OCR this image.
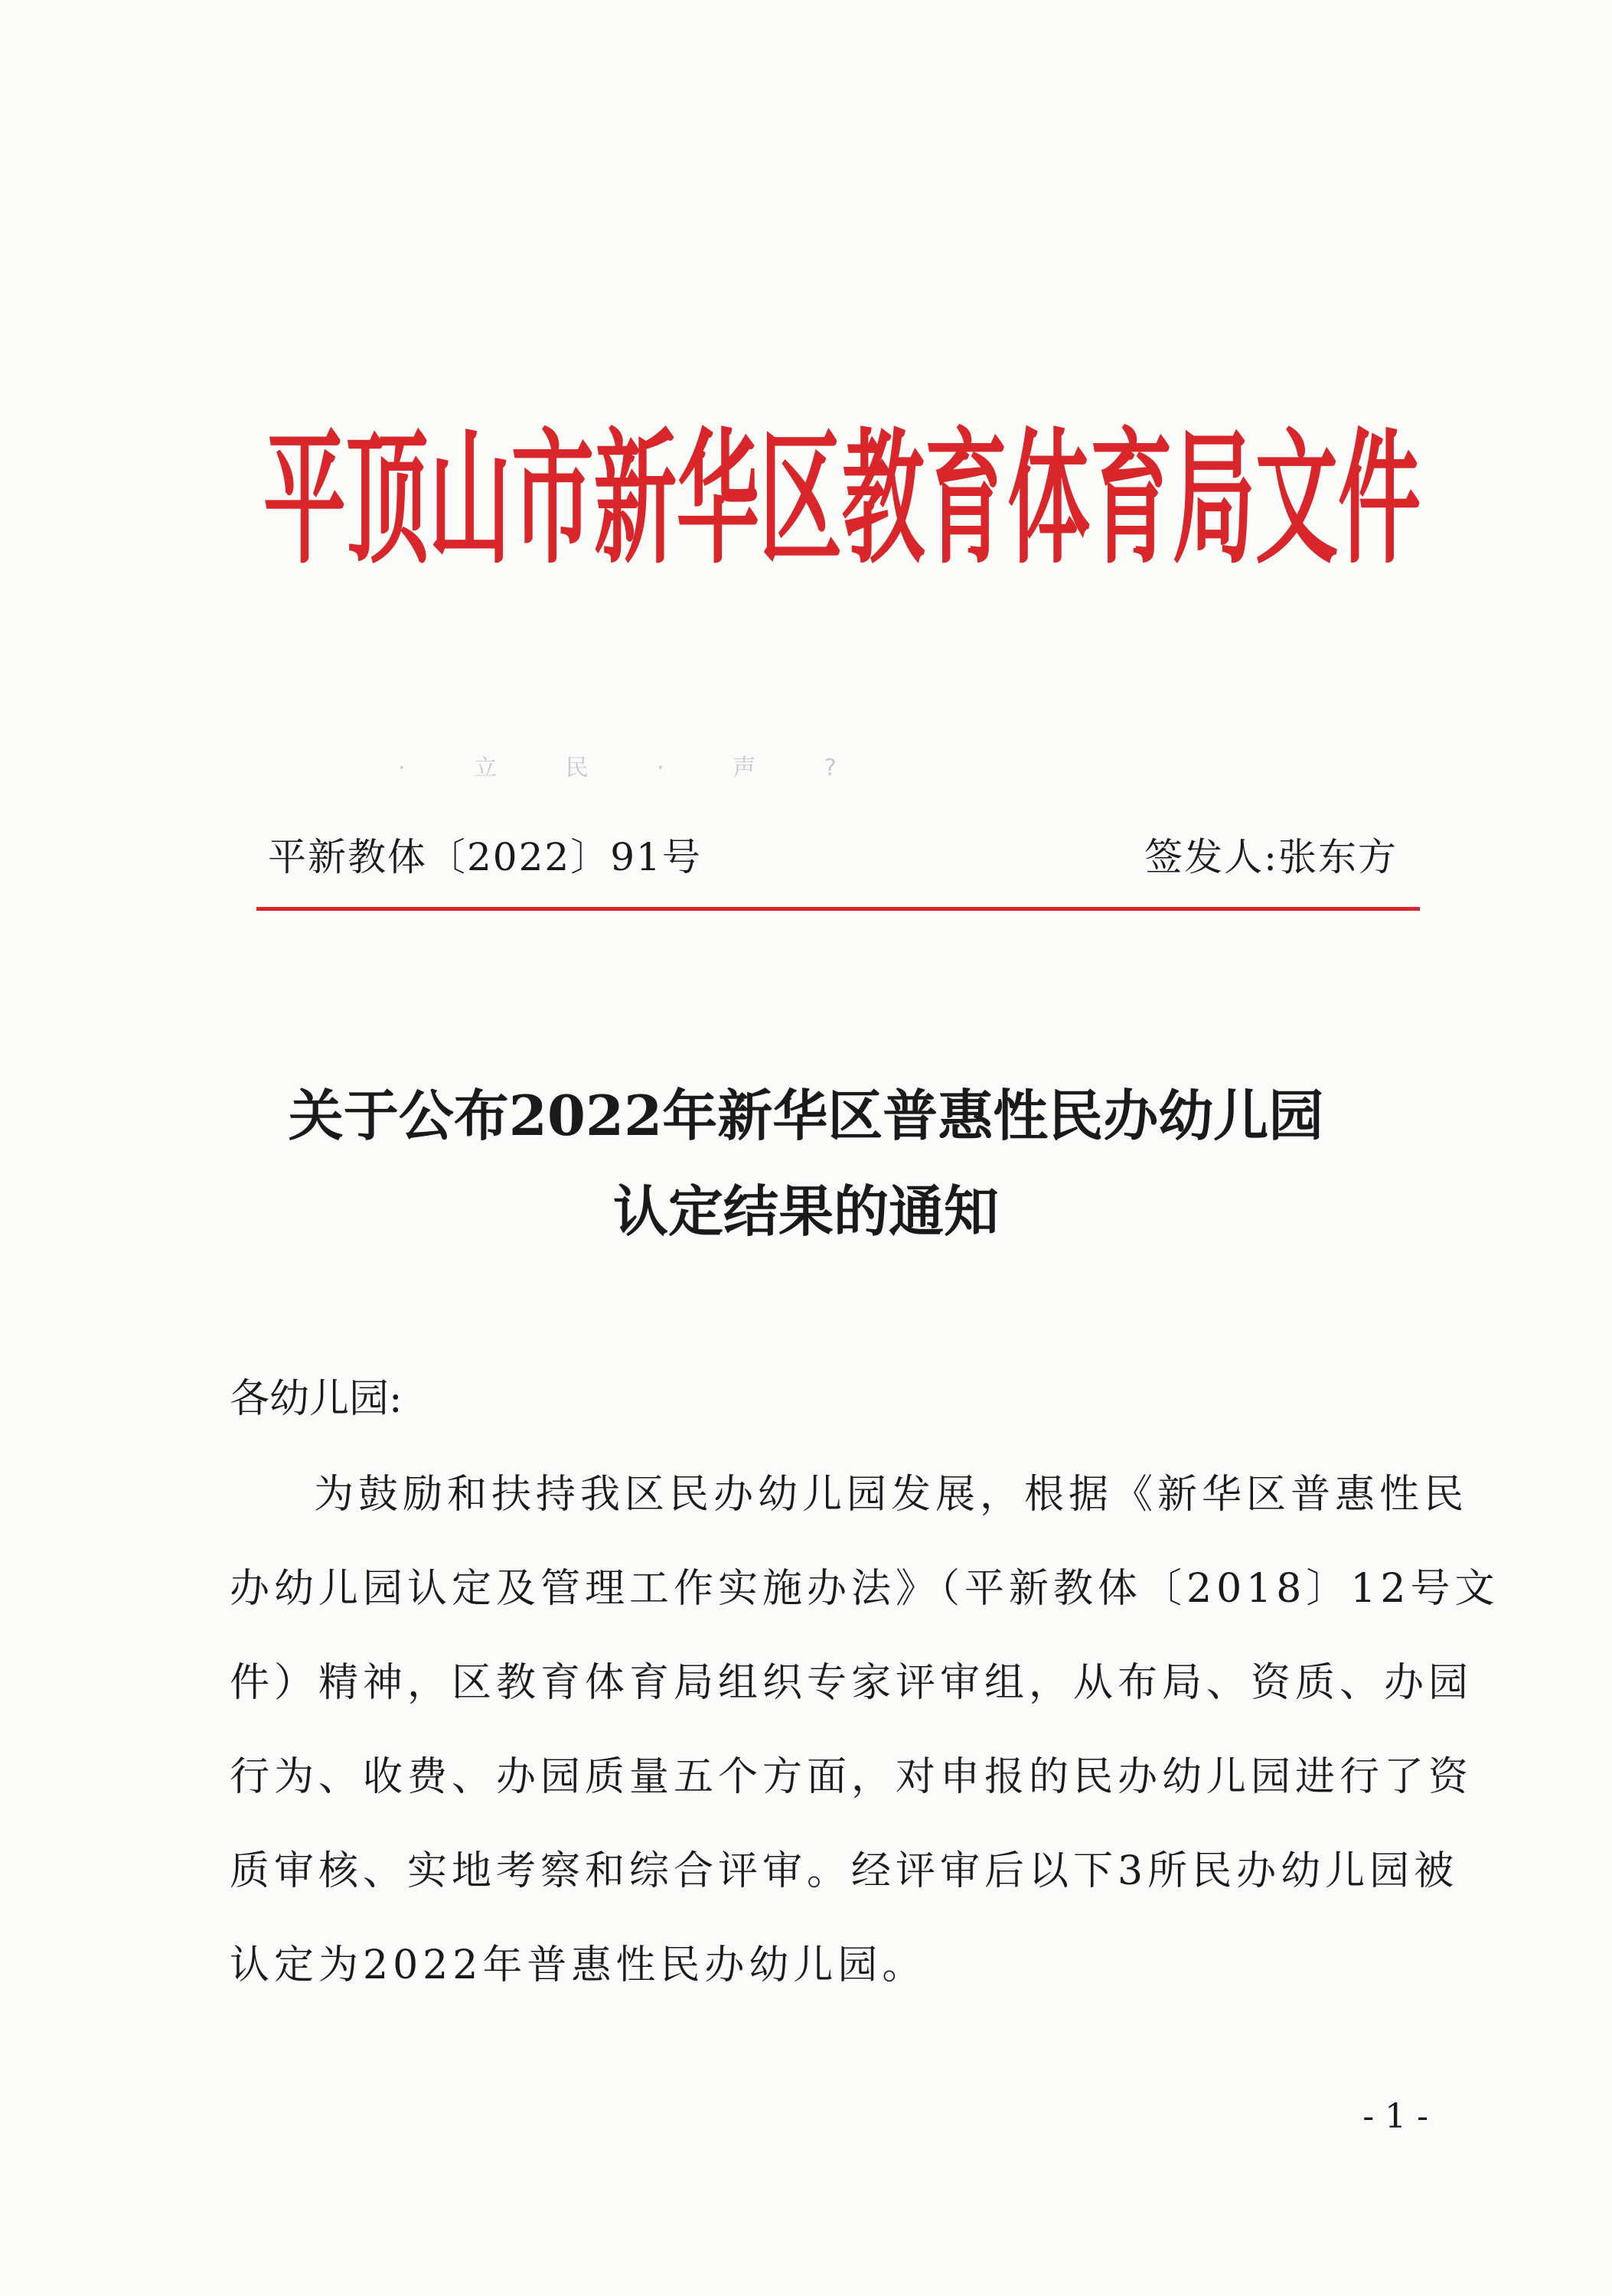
平顶山市新华区教育体育局文件
· 立 民 · 声 ?
平新教体〔2022〕91号	签发人:张东方
关于公布2022年新华区普惠性民办幼儿园
认定结果的通知
各幼儿园:
为鼓励和扶持我区民办幼儿园发展，根据《新华区普惠性民
办幼儿园认定及管理工作实施办法》（平新教体〔2018〕12号文
件）精神，区教育体育局组织专家评审组，从布局、资质、办园
行为、收费、办园质量五个方面，对申报的民办幼儿园进行了资
质审核、实地考察和综合评审。经评审后以下3所民办幼儿园被
认定为2022年普惠性民办幼儿园。
- 1 -
